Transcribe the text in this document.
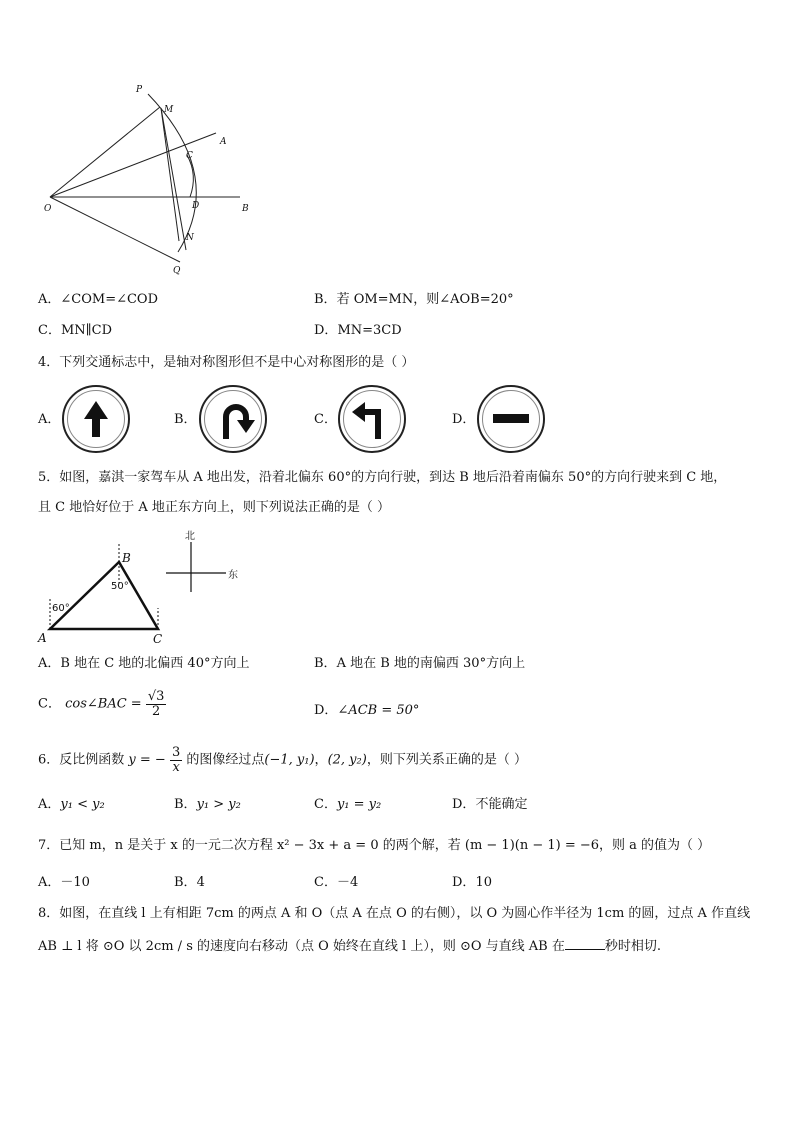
P
M
A
C
O	D	B
N
Q
A．∠COM=∠COD	B．若 OM=MN，则∠AOB=20°
C．MN∥CD	D．MN=3CD
4．下列交通标志中，是轴对称图形但不是中心对称图形的是（ ）
A．	B．	C．	D．
5．如图，嘉淇一家驾车从 A 地出发，沿着北偏东 60°的方向行驶，到达 B 地后沿着南偏东 50°的方向行驶来到 C 地，
且 C 地恰好位于 A 地正东方向上，则下列说法正确的是（ ）
A
B
C
60°
50°
北
东
A．B 地在 C 地的北偏西 40°方向上	B．A 地在 B 地的南偏西 30°方向上
C． cos∠BAC = $\frac{√3}{2}$	D．∠ACB = 50°
6．反比例函数 y = − $\frac{3}{x}$ 的图像经过点(−1, y₁)，(2, y₂)，则下列关系正确的是（ ）
A．y₁ < y₂	B．y₁ > y₂	C．y₁ = y₂	D．不能确定
7．已知 m，n 是关于 x 的一元二次方程 x² − 3x + a = 0 的两个解，若 (m − 1)(n − 1) = −6，则 a 的值为（ ）
A．－10	B．4	C．－4	D．10
8．如图，在直线 l 上有相距 7cm 的两点 A 和 O（点 A 在点 O 的右侧），以 O 为圆心作半径为 1cm 的圆，过点 A 作直线
AB ⊥ l 将 ⊙O 以 2cm / s 的速度向右移动（点 O 始终在直线 l 上），则 ⊙O 与直线 AB 在	秒时相切.
